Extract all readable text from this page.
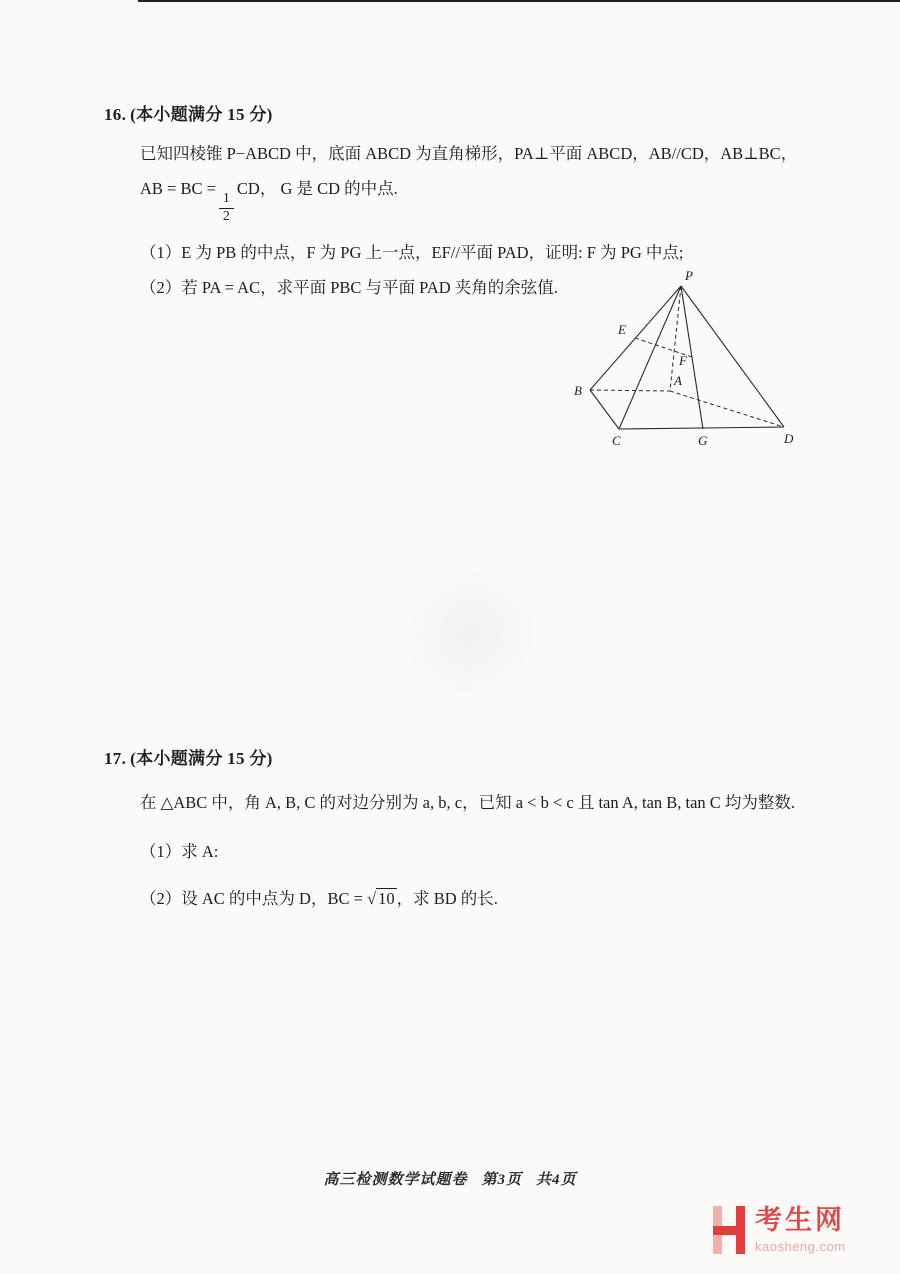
16. (本小题满分 15 分)

已知四棱锥 P−ABCD 中，底面 ABCD 为直角梯形，PA⊥平面 ABCD，AB//CD，AB⊥BC，

AB = BC =
$\frac{1}{2}$
CD， G 是 CD 的中点.

（1）E 为 PB 的中点，F 为 PG 上一点，EF//平面 PAD，证明: F 为 PG 中点;

（2）若 PA = AC，求平面 PBC 与平面 PAD 夹角的余弦值.

P
E
F
A
B
C	G	D

17. (本小题满分 15 分)

在 △ABC 中，角 A, B, C 的对边分别为 a, b, c，已知 a < b < c 且 tan A, tan B, tan C 均为整数.

（1）求 A:

（2）设 AC 的中点为 D，BC = √ 10 ，求 BD 的长.

高三检测数学试题卷 第3页 共4页
考生网
kaosheng.com
